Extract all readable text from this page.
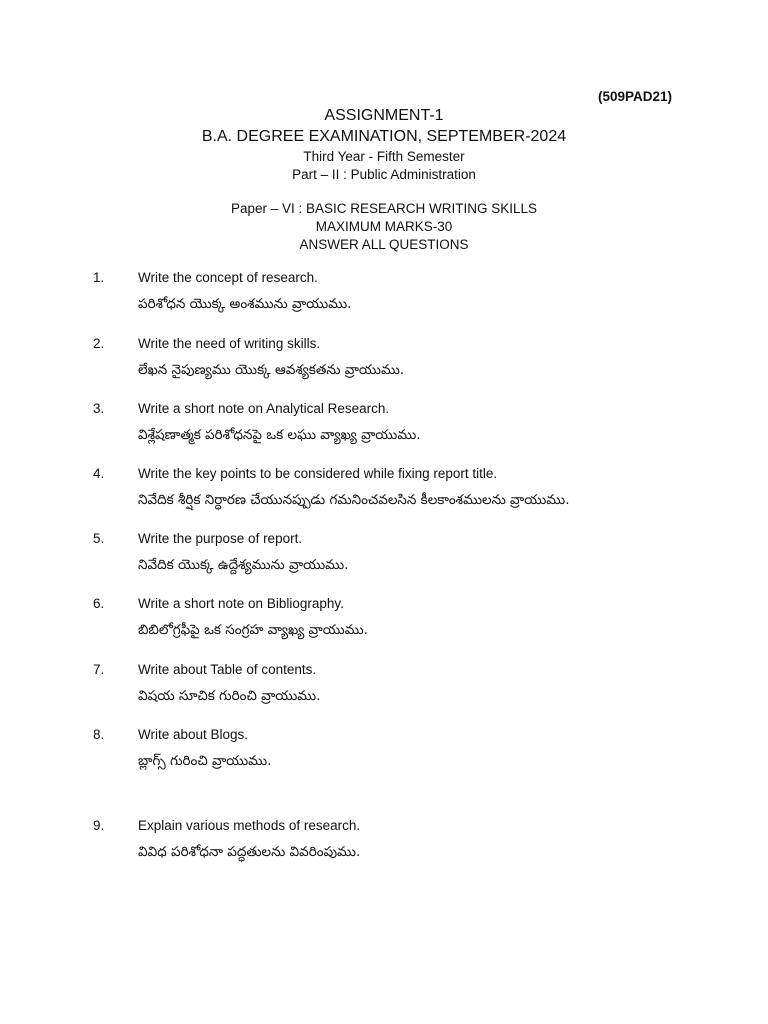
(509PAD21)
ASSIGNMENT-1
B.A. DEGREE EXAMINATION, SEPTEMBER-2024
Third Year - Fifth Semester
Part – II : Public Administration
Paper – VI : BASIC RESEARCH WRITING SKILLS
MAXIMUM MARKS-30
ANSWER ALL QUESTIONS
1. Write the concept of research.
పరిశోధన యొక్క అంశమును వ్రాయుము.
2. Write the need of writing skills.
లేఖన నైపుణ్యము యొక్క ఆవశ్యకతను వ్రాయుము.
3. Write a short note on Analytical Research.
విశ్లేషణాత్మక పరిశోధనపై ఒక లఘు వ్యాఖ్య వ్రాయుము.
4. Write the key points to be considered while fixing report title.
నివేదిక శీర్షిక నిర్ధారణ చేయునప్పుడు గమనించవలసిన కీలకాంశములను వ్రాయుము.
5. Write the purpose of report.
నివేదిక యొక్క ఉద్దేశ్యమును వ్రాయుము.
6. Write a short note on Bibliography.
బిబిలోగ్రఫీపై ఒక సంగ్రహ వ్యాఖ్య వ్రాయుము.
7. Write about Table of contents.
విషయ సూచిక గురించి వ్రాయుము.
8. Write about Blogs.
బ్లాగ్స్ గురించి వ్రాయుము.
9. Explain various methods of research.
వివిధ పరిశోధనా పద్ధతులను వివరింపుము.
